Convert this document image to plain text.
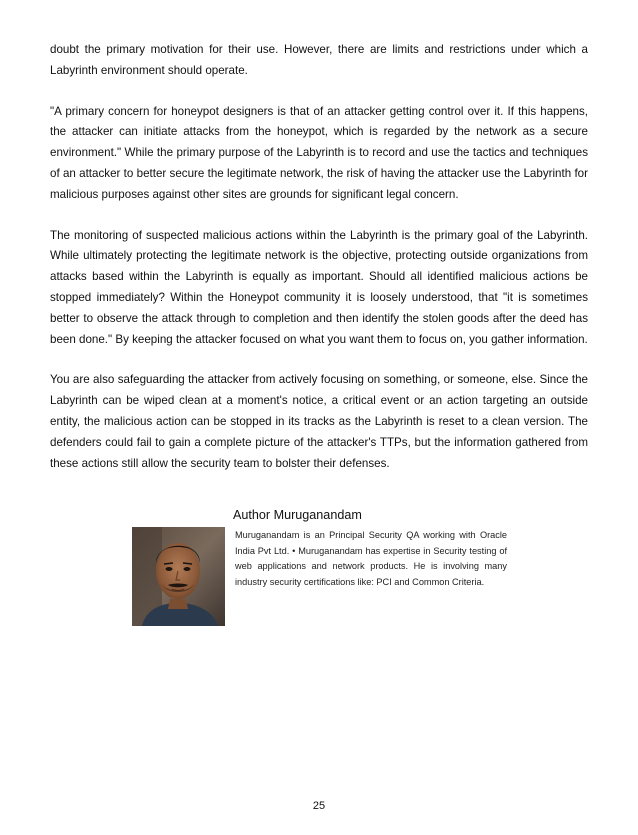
doubt the primary motivation for their use. However, there are limits and restrictions under which a Labyrinth environment should operate.

"A primary concern for honeypot designers is that of an attacker getting control over it. If this happens, the attacker can initiate attacks from the honeypot, which is regarded by the network as a secure environment." While the primary purpose of the Labyrinth is to record and use the tactics and techniques of an attacker to better secure the legitimate network, the risk of having the attacker use the Labyrinth for malicious purposes against other sites are grounds for significant legal concern.

The monitoring of suspected malicious actions within the Labyrinth is the primary goal of the Labyrinth. While ultimately protecting the legitimate network is the objective, protecting outside organizations from attacks based within the Labyrinth is equally as important. Should all identified malicious actions be stopped immediately? Within the Honeypot community it is loosely understood, that "it is sometimes better to observe the attack through to completion and then identify the stolen goods after the deed has been done." By keeping the attacker focused on what you want them to focus on, you gather information.

You are also safeguarding the attacker from actively focusing on something, or someone, else. Since the Labyrinth can be wiped clean at a moment's notice, a critical event or an action targeting an outside entity, the malicious action can be stopped in its tracks as the Labyrinth is reset to a clean version. The defenders could fail to gain a complete picture of the attacker's TTPs, but the information gathered from these actions still allow the security team to bolster their defenses.

Author Muruganandam

Muruganandam is an Principal Security QA working with Oracle India Pvt Ltd. • Muruganandam has expertise in Security testing of web applications and network products. He is involving many industry security certifications like: PCI and Common Criteria.

25
